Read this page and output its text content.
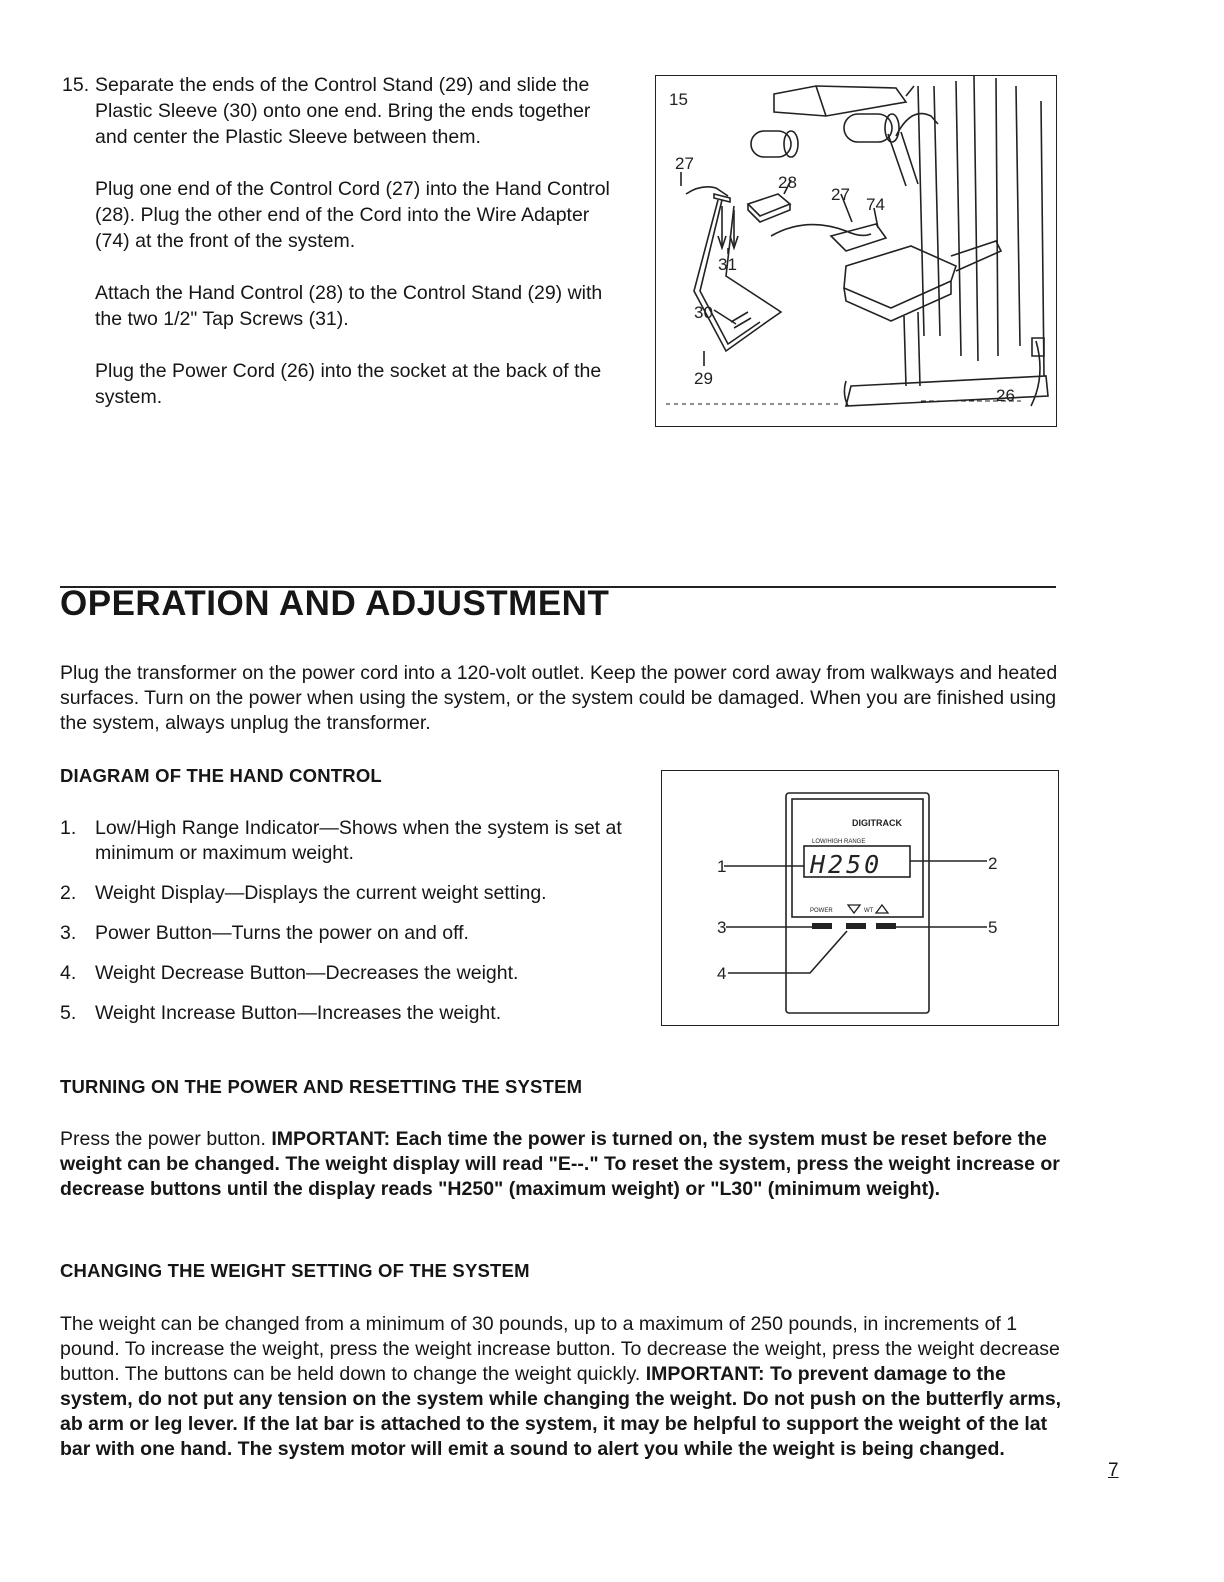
15. Separate the ends of the Control Stand (29) and slide the Plastic Sleeve (30) onto one end. Bring the ends together and center the Plastic Sleeve between them.

Plug one end of the Control Cord (27) into the Hand Control (28). Plug the other end of the Cord into the Wire Adapter (74) at the front of the system.

Attach the Hand Control (28) to the Control Stand (29) with the two 1/2" Tap Screws (31).

Plug the Power Cord (26) into the socket at the back of the system.

15
27
28
27
74
31
30
29
26
OPERATION AND ADJUSTMENT
Plug the transformer on the power cord into a 120-volt outlet. Keep the power cord away from walkways and heated surfaces. Turn on the power when using the system, or the system could be damaged. When you are finished using the system, always unplug the transformer.
DIAGRAM OF THE HAND CONTROL
1. Low/High Range Indicator—Shows when the system is set at minimum or maximum weight.
2. Weight Display—Displays the current weight setting.
3. Power Button—Turns the power on and off.
4. Weight Decrease Button—Decreases the weight.
5. Weight Increase Button—Increases the weight.
DIGITRACK
LOW/HIGH RANGE
H250
POWER	WT
1	2
3
4
5
TURNING ON THE POWER AND RESETTING THE SYSTEM
Press the power button. IMPORTANT: Each time the power is turned on, the system must be reset before the weight can be changed. The weight display will read "E--." To reset the system, press the weight increase or decrease buttons until the display reads "H250" (maximum weight) or "L30" (minimum weight).
CHANGING THE WEIGHT SETTING OF THE SYSTEM
The weight can be changed from a minimum of 30 pounds, up to a maximum of 250 pounds, in increments of 1 pound. To increase the weight, press the weight increase button. To decrease the weight, press the weight decrease button. The buttons can be held down to change the weight quickly. IMPORTANT: To prevent damage to the system, do not put any tension on the system while changing the weight. Do not push on the butterfly arms, ab arm or leg lever. If the lat bar is attached to the system, it may be helpful to support the weight of the lat bar with one hand. The system motor will emit a sound to alert you while the weight is being changed.
7
